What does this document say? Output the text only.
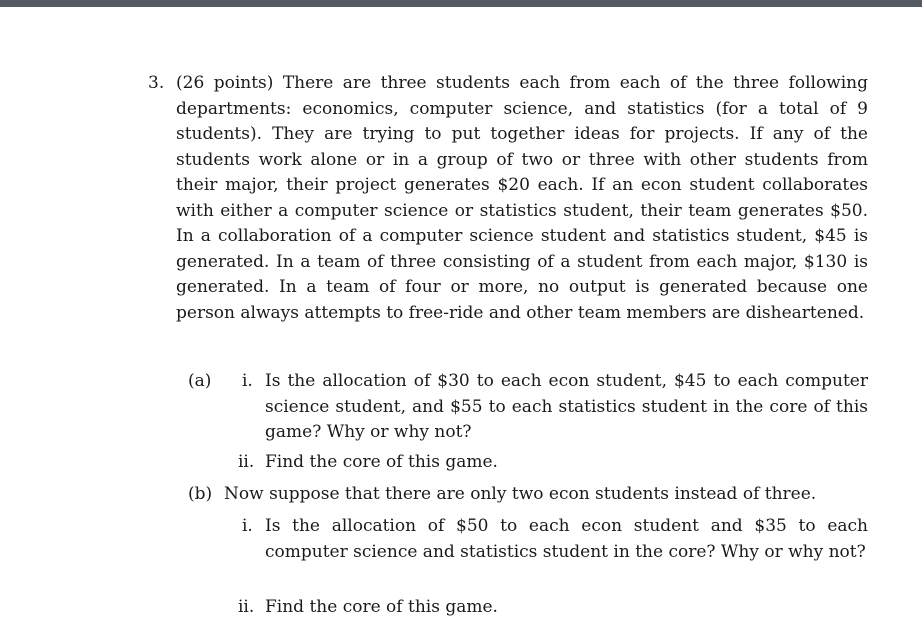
3. (26 points) There are three students each from each of the three following departments: economics, computer science, and statistics (for a total of 9 students). They are trying to put together ideas for projects. If any of the students work alone or in a group of two or three with other students from their major, their project generates $20 each. If an econ student collaborates with either a computer science or statistics student, their team generates $50. In a collaboration of a computer science student and statistics student, $45 is generated. In a team of three consisting of a student from each major, $130 is generated. In a team of four or more, no output is generated because one person always attempts to free-ride and other team members are disheartened.

(a) i. Is the allocation of $30 to each econ student, $45 to each computer science student, and $55 to each statistics student in the core of this game? Why or why not?

ii. Find the core of this game.

(b) Now suppose that there are only two econ students instead of three.

i. Is the allocation of $50 to each econ student and $35 to each computer science and statistics student in the core? Why or why not?

ii. Find the core of this game.
